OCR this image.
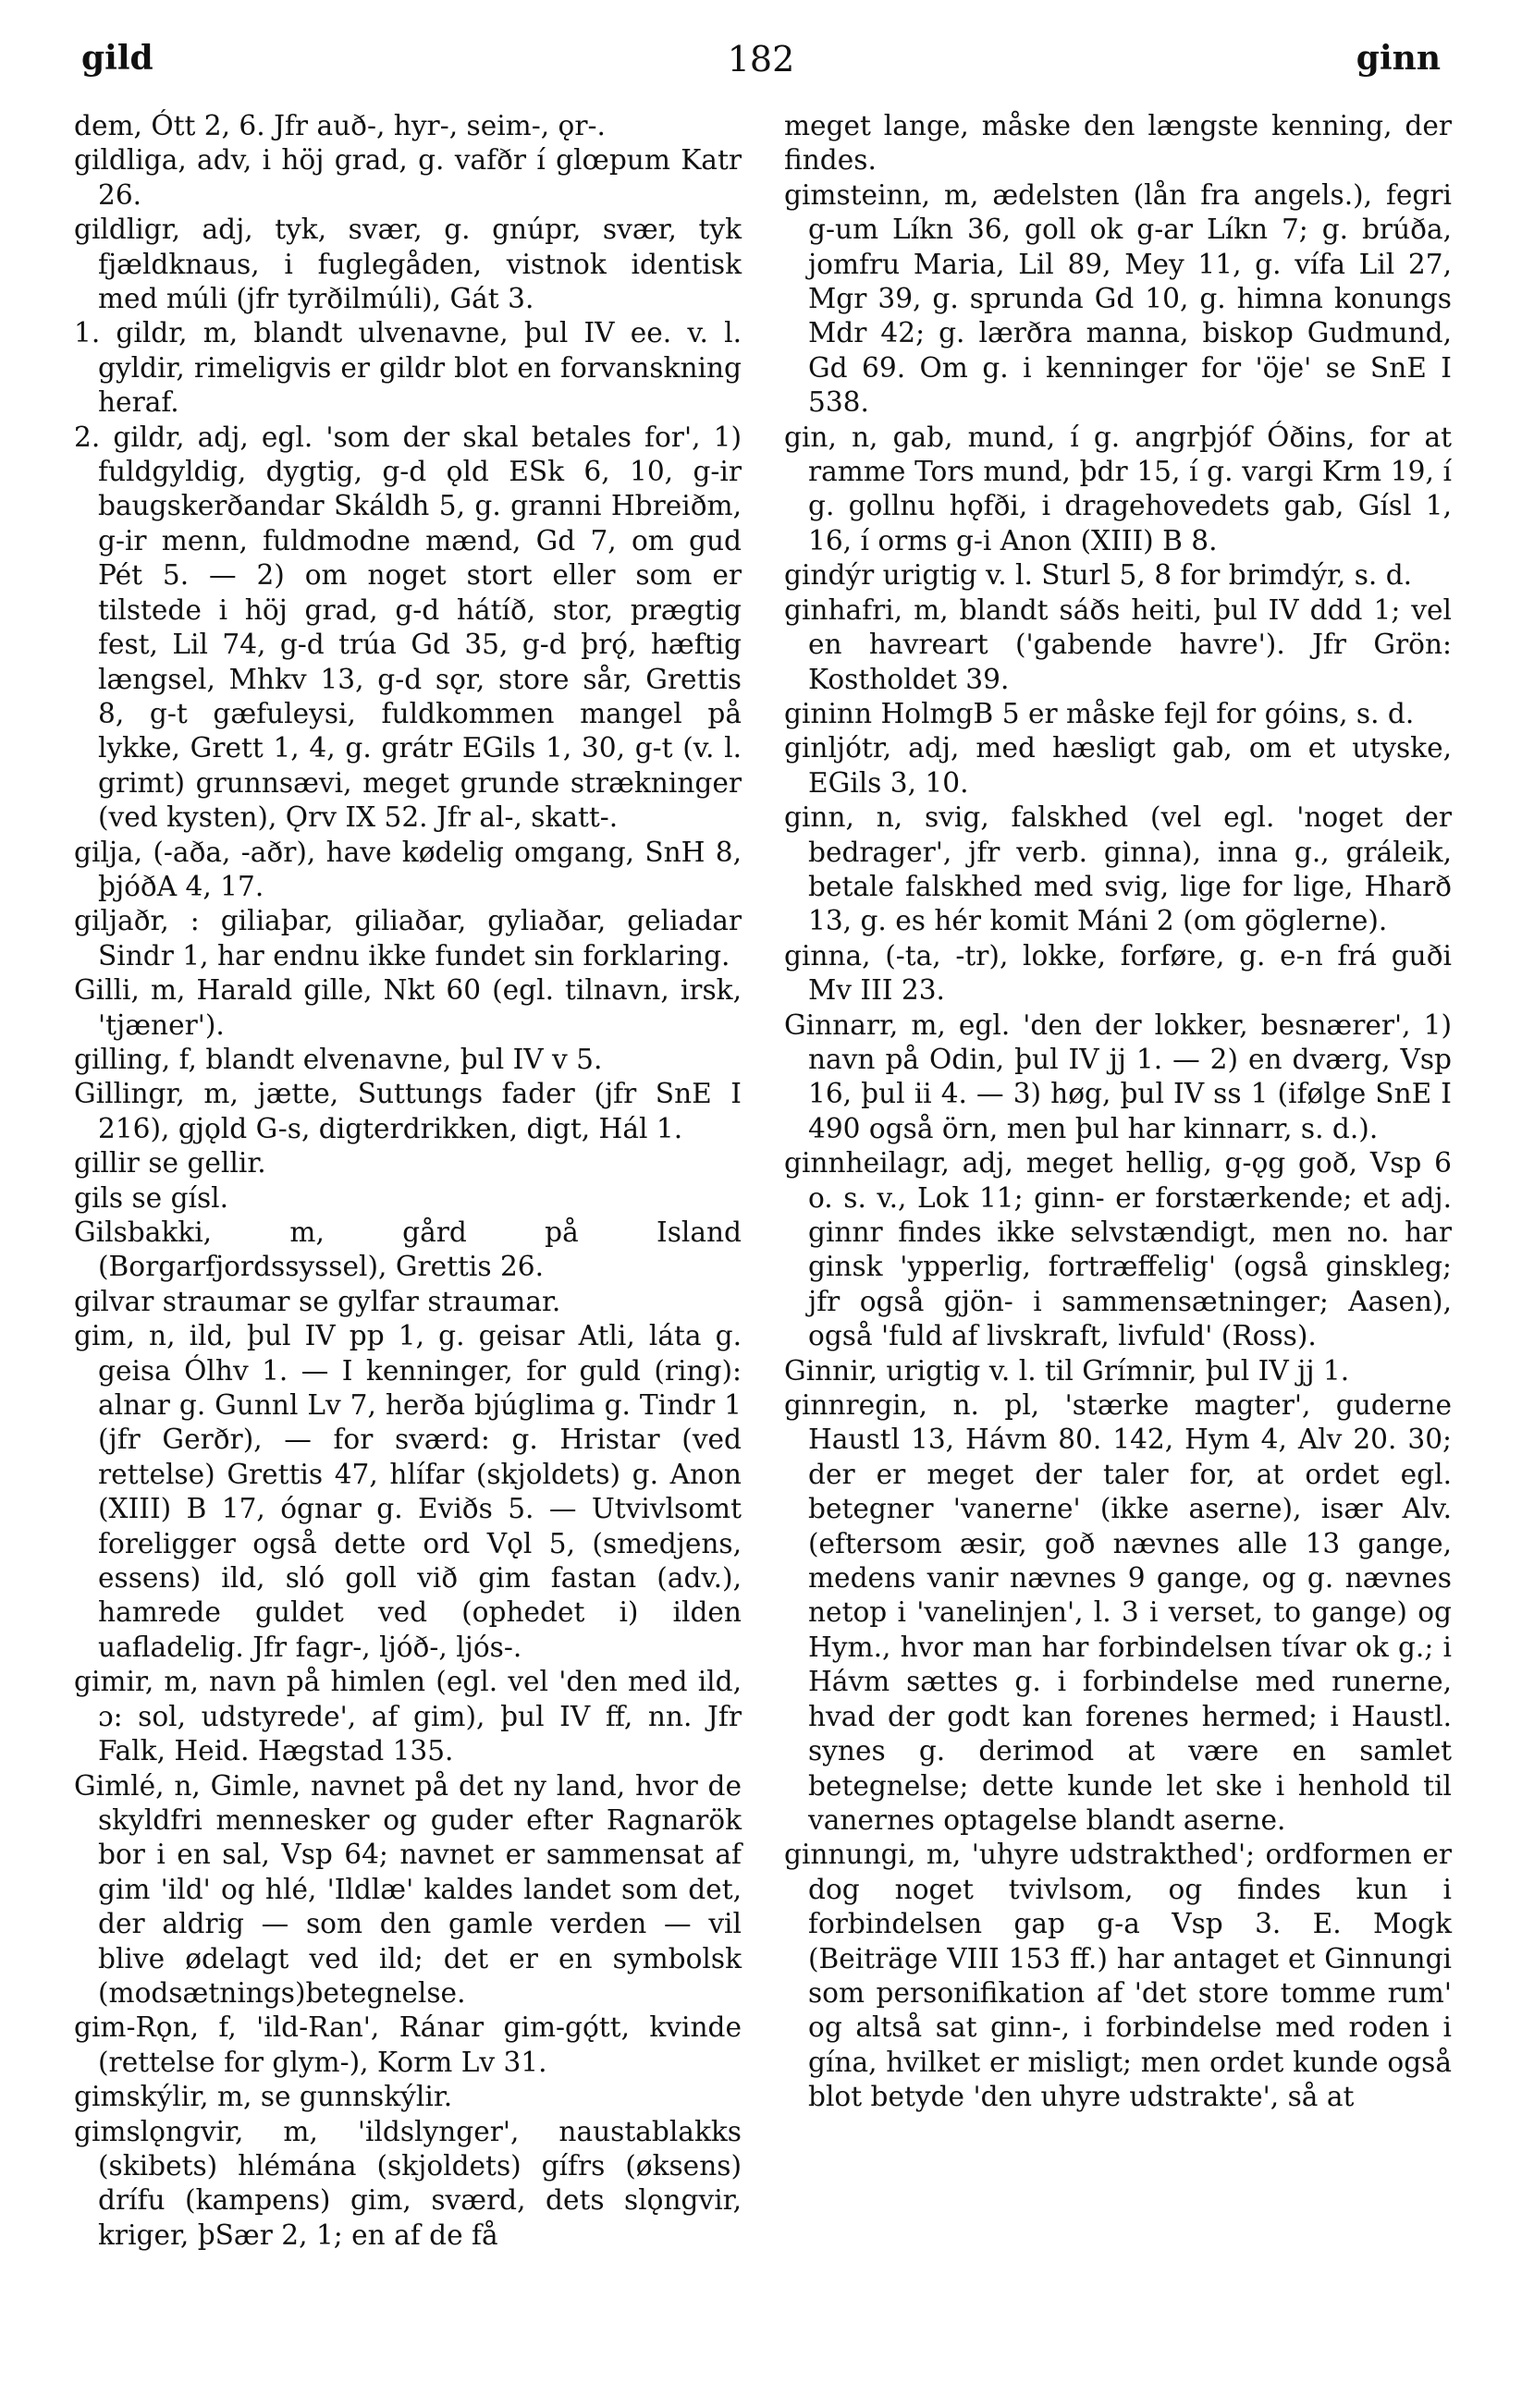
gild	182	ginn

dem, Ótt 2, 6. Jfr auð-, hyr-, seim-, ǫr-.

gildliga, adv, i höj grad, g. vafðr í glœpum Katr 26.

gildligr, adj, tyk, svær, g. gnúpr, svær, tyk fjældknaus, i fuglegåden, vistnok identisk med múli (jfr tyrðilmúli), Gát 3.

1. gildr, m, blandt ulvenavne, þul IV ee. v. l. gyldir, rimeligvis er gildr blot en forvanskning heraf.

2. gildr, adj, egl. 'som der skal betales for', 1) fuldgyldig, dygtig, g-d ǫld ESk 6, 10, g-ir baugskerðandar Skáldh 5, g. granni Hbreiðm, g-ir menn, fuldmodne mænd, Gd 7, om gud Pét 5. — 2) om noget stort eller som er tilstede i höj grad, g-d hátíð, stor, prægtig fest, Lil 74, g-d trúa Gd 35, g-d þrǫ́, hæftig længsel, Mhkv 13, g-d sǫr, store sår, Grettis 8, g-t gæfuleysi, fuldkommen mangel på lykke, Grett 1, 4, g. grátr EGils 1, 30, g-t (v. l. grimt) grunnsævi, meget grunde strækninger (ved kysten), Ǫrv IX 52. Jfr al-, skatt-.

gilja, (-aða, -aðr), have kødelig omgang, SnH 8, þjóðA 4, 17.

giljaðr, : giliaþar, giliaðar, gyliaðar, geliadar Sindr 1, har endnu ikke fundet sin forklaring.

Gilli, m, Harald gille, Nkt 60 (egl. tilnavn, irsk, 'tjæner').

gilling, f, blandt elvenavne, þul IV v 5.

Gillingr, m, jætte, Suttungs fader (jfr SnE I 216), gjǫld G-s, digterdrikken, digt, Hál 1.

gillir se gellir.

gils se gísl.

Gilsbakki, m, gård på Island (Borgarfjordssyssel), Grettis 26.

gilvar straumar se gylfar straumar.

gim, n, ild, þul IV pp 1, g. geisar Atli, láta g. geisa Ólhv 1. — I kenninger, for guld (ring): alnar g. Gunnl Lv 7, herða bjúglima g. Tindr 1 (jfr Gerðr), — for sværd: g. Hristar (ved rettelse) Grettis 47, hlífar (skjoldets) g. Anon (XIII) B 17, ógnar g. Eviðs 5. — Utvivlsomt foreligger også dette ord Vǫl 5, (smedjens, essens) ild, sló goll við gim fastan (adv.), hamrede guldet ved (ophedet i) ilden uafladelig. Jfr fagr-, ljóð-, ljós-.

gimir, m, navn på himlen (egl. vel 'den med ild, ɔ: sol, udstyrede', af gim), þul IV ff, nn. Jfr Falk, Heid. Hægstad 135.

Gimlé, n, Gimle, navnet på det ny land, hvor de skyldfri mennesker og guder efter Ragnarök bor i en sal, Vsp 64; navnet er sammensat af gim 'ild' og hlé, 'Ildlæ' kaldes landet som det, der aldrig — som den gamle verden — vil blive ødelagt ved ild; det er en symbolsk (modsætnings)betegnelse.

gim-Rǫn, f, 'ild-Ran', Ránar gim-gǫ́tt, kvinde (rettelse for glym-), Korm Lv 31.

gimskýlir, m, se gunnskýlir.

gimslǫngvir, m, 'ildslynger', naustablakks (skibets) hlémána (skjoldets) gífrs (øksens) drífu (kampens) gim, sværd, dets slǫngvir, kriger, þSær 2, 1; en af de få

meget lange, måske den længste kenning, der findes.

gimsteinn, m, ædelsten (lån fra angels.), fegri g-um Líkn 36, goll ok g-ar Líkn 7; g. brúða, jomfru Maria, Lil 89, Mey 11, g. vífa Lil 27, Mgr 39, g. sprunda Gd 10, g. himna konungs Mdr 42; g. lærðra manna, biskop Gudmund, Gd 69. Om g. i kenninger for 'öje' se SnE I 538.

gin, n, gab, mund, í g. angrþjóf Óðins, for at ramme Tors mund, þdr 15, í g. vargi Krm 19, í g. gollnu hǫfði, i dragehovedets gab, Gísl 1, 16, í orms g-i Anon (XIII) B 8.

gindýr urigtig v. l. Sturl 5, 8 for brimdýr, s. d.

ginhafri, m, blandt sáðs heiti, þul IV ddd 1; vel en havreart ('gabende havre'). Jfr Grön: Kostholdet 39.

gininn HolmgB 5 er måske fejl for góins, s. d.

ginljótr, adj, med hæsligt gab, om et utyske, EGils 3, 10.

ginn, n, svig, falskhed (vel egl. 'noget der bedrager', jfr verb. ginna), inna g., gráleik, betale falskhed med svig, lige for lige, Hharð 13, g. es hér komit Máni 2 (om göglerne).

ginna, (-ta, -tr), lokke, forføre, g. e-n frá guði Mv III 23.

Ginnarr, m, egl. 'den der lokker, besnærer', 1) navn på Odin, þul IV jj 1. — 2) en dværg, Vsp 16, þul ii 4. — 3) høg, þul IV ss 1 (ifølge SnE I 490 også örn, men þul har kinnarr, s. d.).

ginnheilagr, adj, meget hellig, g-ǫg goð, Vsp 6 o. s. v., Lok 11; ginn- er forstærkende; et adj. ginnr findes ikke selvstændigt, men no. har ginsk 'ypperlig, fortræffelig' (også ginskleg; jfr også gjön- i sammensætninger; Aasen), også 'fuld af livskraft, livfuld' (Ross).

Ginnir, urigtig v. l. til Grímnir, þul IV jj 1.

ginnregin, n. pl, 'stærke magter', guderne Haustl 13, Hávm 80. 142, Hym 4, Alv 20. 30; der er meget der taler for, at ordet egl. betegner 'vanerne' (ikke aserne), især Alv. (eftersom æsir, goð nævnes alle 13 gange, medens vanir nævnes 9 gange, og g. nævnes netop i 'vanelinjen', l. 3 i verset, to gange) og Hym., hvor man har forbindelsen tívar ok g.; i Hávm sættes g. i forbindelse med runerne, hvad der godt kan forenes hermed; i Haustl. synes g. derimod at være en samlet betegnelse; dette kunde let ske i henhold til vanernes optagelse blandt aserne.

ginnungi, m, 'uhyre udstrakthed'; ordformen er dog noget tvivlsom, og findes kun i forbindelsen gap g-a Vsp 3. E. Mogk (Beiträge VIII 153 ff.) har antaget et Ginnungi som personifikation af 'det store tomme rum' og altså sat ginn-, i forbindelse med roden i gína, hvilket er misligt; men ordet kunde også blot betyde 'den uhyre udstrakte', så at
